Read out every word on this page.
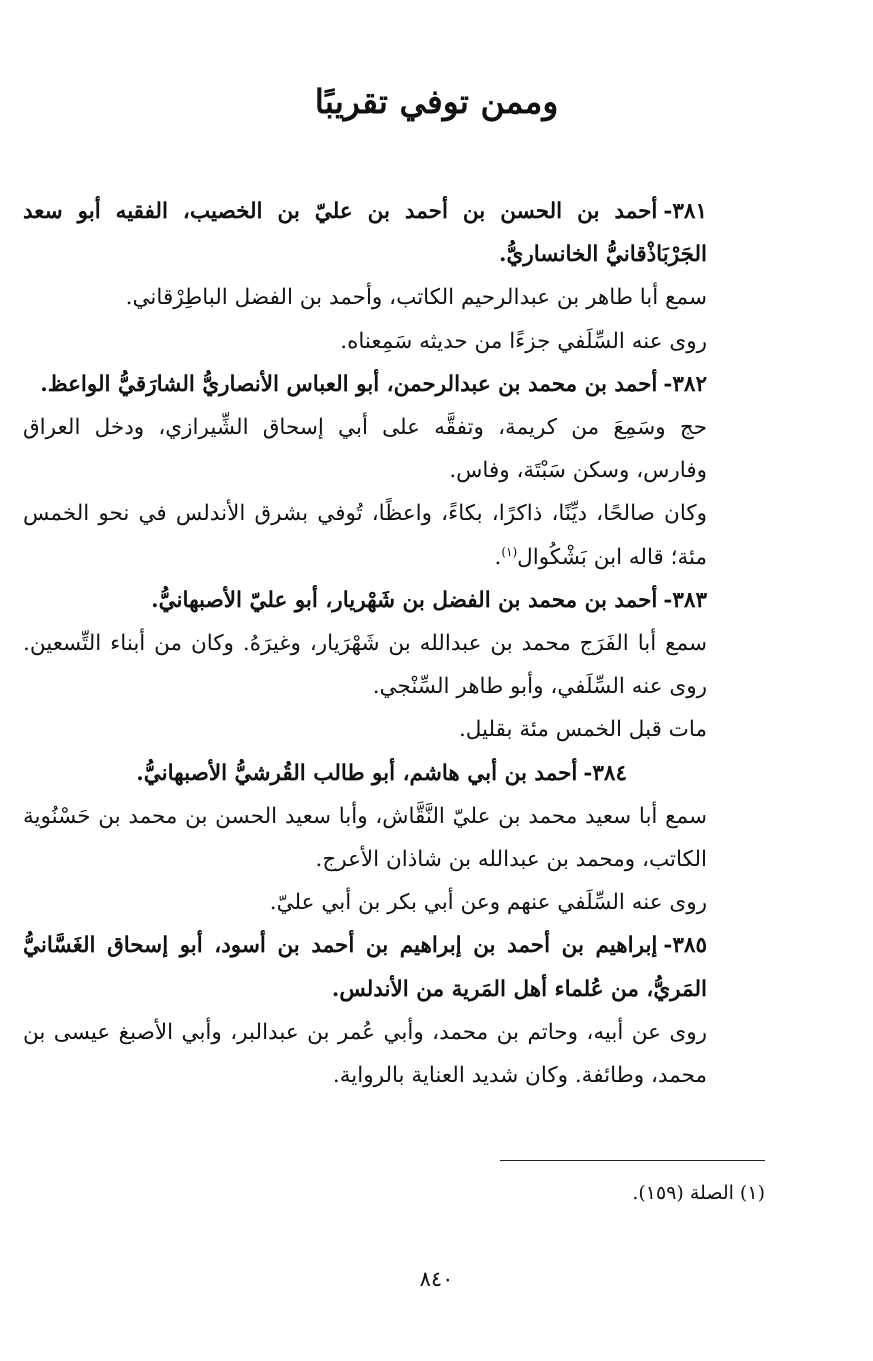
وممن توفي تقريبًا
٣٨١-أحمد بن الحسن بن أحمد بن عليّ بن الخصيب، الفقيه أبو سعد الجَرْبَاذْقانيُّ الخانساريُّ.

سمع أبا طاهر بن عبدالرحيم الكاتب، وأحمد بن الفضل الباطِرْقاني.

روى عنه السِّلَفي جزءًا من حديثه سَمِعناه.

٣٨٢-أحمد بن محمد بن عبدالرحمن، أبو العباس الأنصاريُّ الشارَقيُّ الواعظ.

حج وسَمِعَ من كريمة، وتفقَّه على أبي إسحاق الشِّيرازي، ودخل العراق وفارس، وسكن سَبْتَة، وفاس.

وكان صالحًا، ديِّنًا، ذاكرًا، بكاءً، واعظًا، تُوفي بشرق الأندلس في نحو الخمس مئة؛ قاله ابن بَشْكُوال$^{(١)}$.

٣٨٣-أحمد بن محمد بن الفضل بن شَهْريار، أبو عليّ الأصبهانيُّ.

سمع أبا الفَرَج محمد بن عبدالله بن شَهْرَيار، وغيرَهُ. وكان من أبناء التِّسعين. روى عنه السِّلَفي، وأبو طاهر السِّنْجي.

مات قبل الخمس مئة بقليل.

٣٨٤-أحمد بن أبي هاشم، أبو طالب القُرشيُّ الأصبهانيُّ.

سمع أبا سعيد محمد بن عليّ النَّقَّاش، وأبا سعيد الحسن بن محمد بن حَسْنُوية الكاتب، ومحمد بن عبدالله بن شاذان الأعرج.

روى عنه السِّلَفي عنهم وعن أبي بكر بن أبي عليّ.

٣٨٥-إبراهيم بن أحمد بن إبراهيم بن أحمد بن أسود، أبو إسحاق الغَسَّانيُّ المَريُّ، من عُلماء أهل المَرية من الأندلس.

روى عن أبيه، وحاتم بن محمد، وأبي عُمر بن عبدالبر، وأبي الأصبغ عيسى بن محمد، وطائفة. وكان شديد العناية بالرواية.

(١) الصلة (١٥٩).
٨٤٠
